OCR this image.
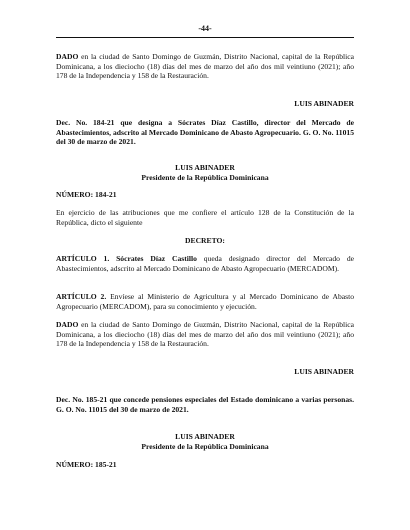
-44-
DADO en la ciudad de Santo Domingo de Guzmán, Distrito Nacional, capital de la República Dominicana, a los dieciocho (18) días del mes de marzo del año dos mil veintiuno (2021); año 178 de la Independencia y 158 de la Restauración.
LUIS ABINADER
Dec. No. 184-21 que designa a Sócrates Díaz Castillo, director del Mercado de Abastecimientos, adscrito al Mercado Dominicano de Abasto Agropecuario. G. O. No. 11015 del 30 de marzo de 2021.
LUIS ABINADER
Presidente de la República Dominicana
NÚMERO: 184-21
En ejercicio de las atribuciones que me confiere el artículo 128 de la Constitución de la República, dicto el siguiente
DECRETO:
ARTÍCULO 1. Sócrates Díaz Castillo queda designado director del Mercado de Abastecimientos, adscrito al Mercado Dominicano de Abasto Agropecuario (MERCADOM).
ARTÍCULO 2. Envíese al Ministerio de Agricultura y al Mercado Dominicano de Abasto Agropecuario (MERCADOM), para su conocimiento y ejecución.
DADO en la ciudad de Santo Domingo de Guzmán, Distrito Nacional, capital de la República Dominicana, a los dieciocho (18) días del mes de marzo del año dos mil veintiuno (2021); año 178 de la Independencia y 158 de la Restauración.
LUIS ABINADER
Dec. No. 185-21 que concede pensiones especiales del Estado dominicano a varias personas. G. O. No. 11015 del 30 de marzo de 2021.
LUIS ABINADER
Presidente de la República Dominicana
NÚMERO: 185-21
